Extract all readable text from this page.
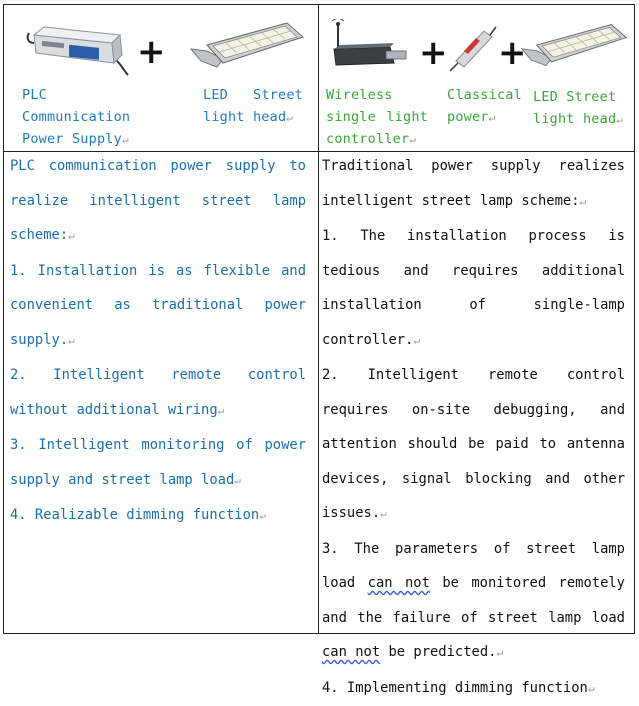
+
PLC Communication Power Supply↵
LED Street light head↵
+ +
Wireless single light controller↵
Classical power↵
LED Street light head↵

PLC communication power supply to realize intelligent street lamp scheme:↵

1. Installation is as flexible and convenient as traditional power supply.↵

2. Intelligent remote control without additional wiring↵

3. Intelligent monitoring of power supply and street lamp load↵

4. Realizable dimming function↵

Traditional power supply realizes intelligent street lamp scheme:↵

1. The installation process is tedious and requires additional installation of single-lamp controller.↵

2. Intelligent remote control requires on-site debugging, and attention should be paid to antenna devices, signal blocking and other issues.↵

3. The parameters of street lamp load can not be monitored remotely and the failure of street lamp load can not be predicted.↵

4. Implementing dimming function↵
